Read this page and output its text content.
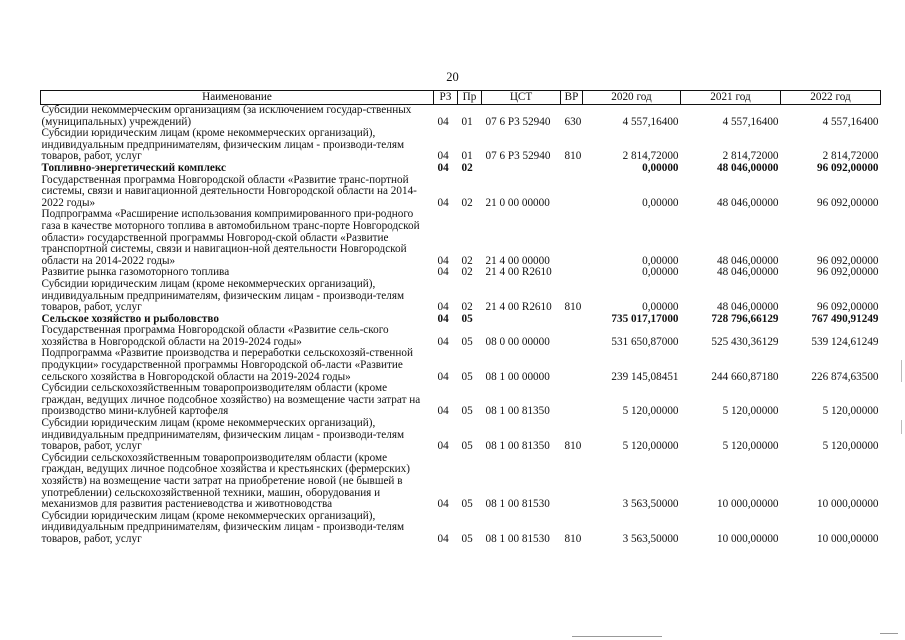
20
Наименование	РЗ	Пр	ЦСТ	ВР	2020 год	2021 год	2022 год
Субсидии некоммерческим организациям (за исключением государ-ственных (муниципальных) учреждений)	04	01	07 6 Р3 52940	630	4 557,16400	4 557,16400	4 557,16400
Субсидии юридическим лицам (кроме некоммерческих организаций), индивидуальным предпринимателям, физическим лицам - производи-телям товаров, работ, услуг	04	01	07 6 Р3 52940	810	2 814,72000	2 814,72000	2 814,72000
Топливно-энергетический комплекс	04	02			0,00000	48 046,00000	96 092,00000
Государственная программа Новгородской области «Развитие транс-портной системы, связи и навигационной деятельности Новгородской области на 2014-2022 годы»	04	02	21 0 00 00000		0,00000	48 046,00000	96 092,00000
Подпрограмма «Расширение использования компримированного при-родного газа в качестве моторного топлива в автомобильном транс-порте Новгородской области» государственной программы Новгород-ской области «Развитие транспортной системы, связи и навигацион-ной деятельности Новгородской области на 2014-2022 годы»	04	02	21 4 00 00000		0,00000	48 046,00000	96 092,00000
Развитие рынка газомоторного топлива	04	02	21 4 00 R2610		0,00000	48 046,00000	96 092,00000
Субсидии юридическим лицам (кроме некоммерческих организаций), индивидуальным предпринимателям, физическим лицам - производи-телям товаров, работ, услуг	04	02	21 4 00 R2610	810	0,00000	48 046,00000	96 092,00000
Сельское хозяйство и рыболовство	04	05			735 017,17000	728 796,66129	767 490,91249
Государственная программа Новгородской области «Развитие сель-ского хозяйства в Новгородской области на 2019-2024 годы»	04	05	08 0 00 00000		531 650,87000	525 430,36129	539 124,61249
Подпрограмма «Развитие производства и переработки сельскохозяй-ственной продукции» государственной программы Новгородской об-ласти «Развитие сельского хозяйства в Новгородской области на 2019-2024 годы»	04	05	08 1 00 00000		239 145,08451	244 660,87180	226 874,63500
Субсидии сельскохозяйственным товаропроизводителям области (кроме граждан, ведущих личное подсобное хозяйство) на возмещение части затрат на производство мини-клубней картофеля	04	05	08 1 00 81350		5 120,00000	5 120,00000	5 120,00000
Субсидии юридическим лицам (кроме некоммерческих организаций), индивидуальным предпринимателям, физическим лицам - производи-телям товаров, работ, услуг	04	05	08 1 00 81350	810	5 120,00000	5 120,00000	5 120,00000
Субсидии сельскохозяйственным товаропроизводителям области (кроме граждан, ведущих личное подсобное хозяйства и крестьянских (фермерских) хозяйств) на возмещение части затрат на приобретение новой (не бывшей в употреблении) сельскохозяйственной техники, машин, оборудования и механизмов для развития растениеводства и животноводства	04	05	08 1 00 81530		3 563,50000	10 000,00000	10 000,00000
Субсидии юридическим лицам (кроме некоммерческих организаций), индивидуальным предпринимателям, физическим лицам - производи-телям товаров, работ, услуг	04	05	08 1 00 81530	810	3 563,50000	10 000,00000	10 000,00000
